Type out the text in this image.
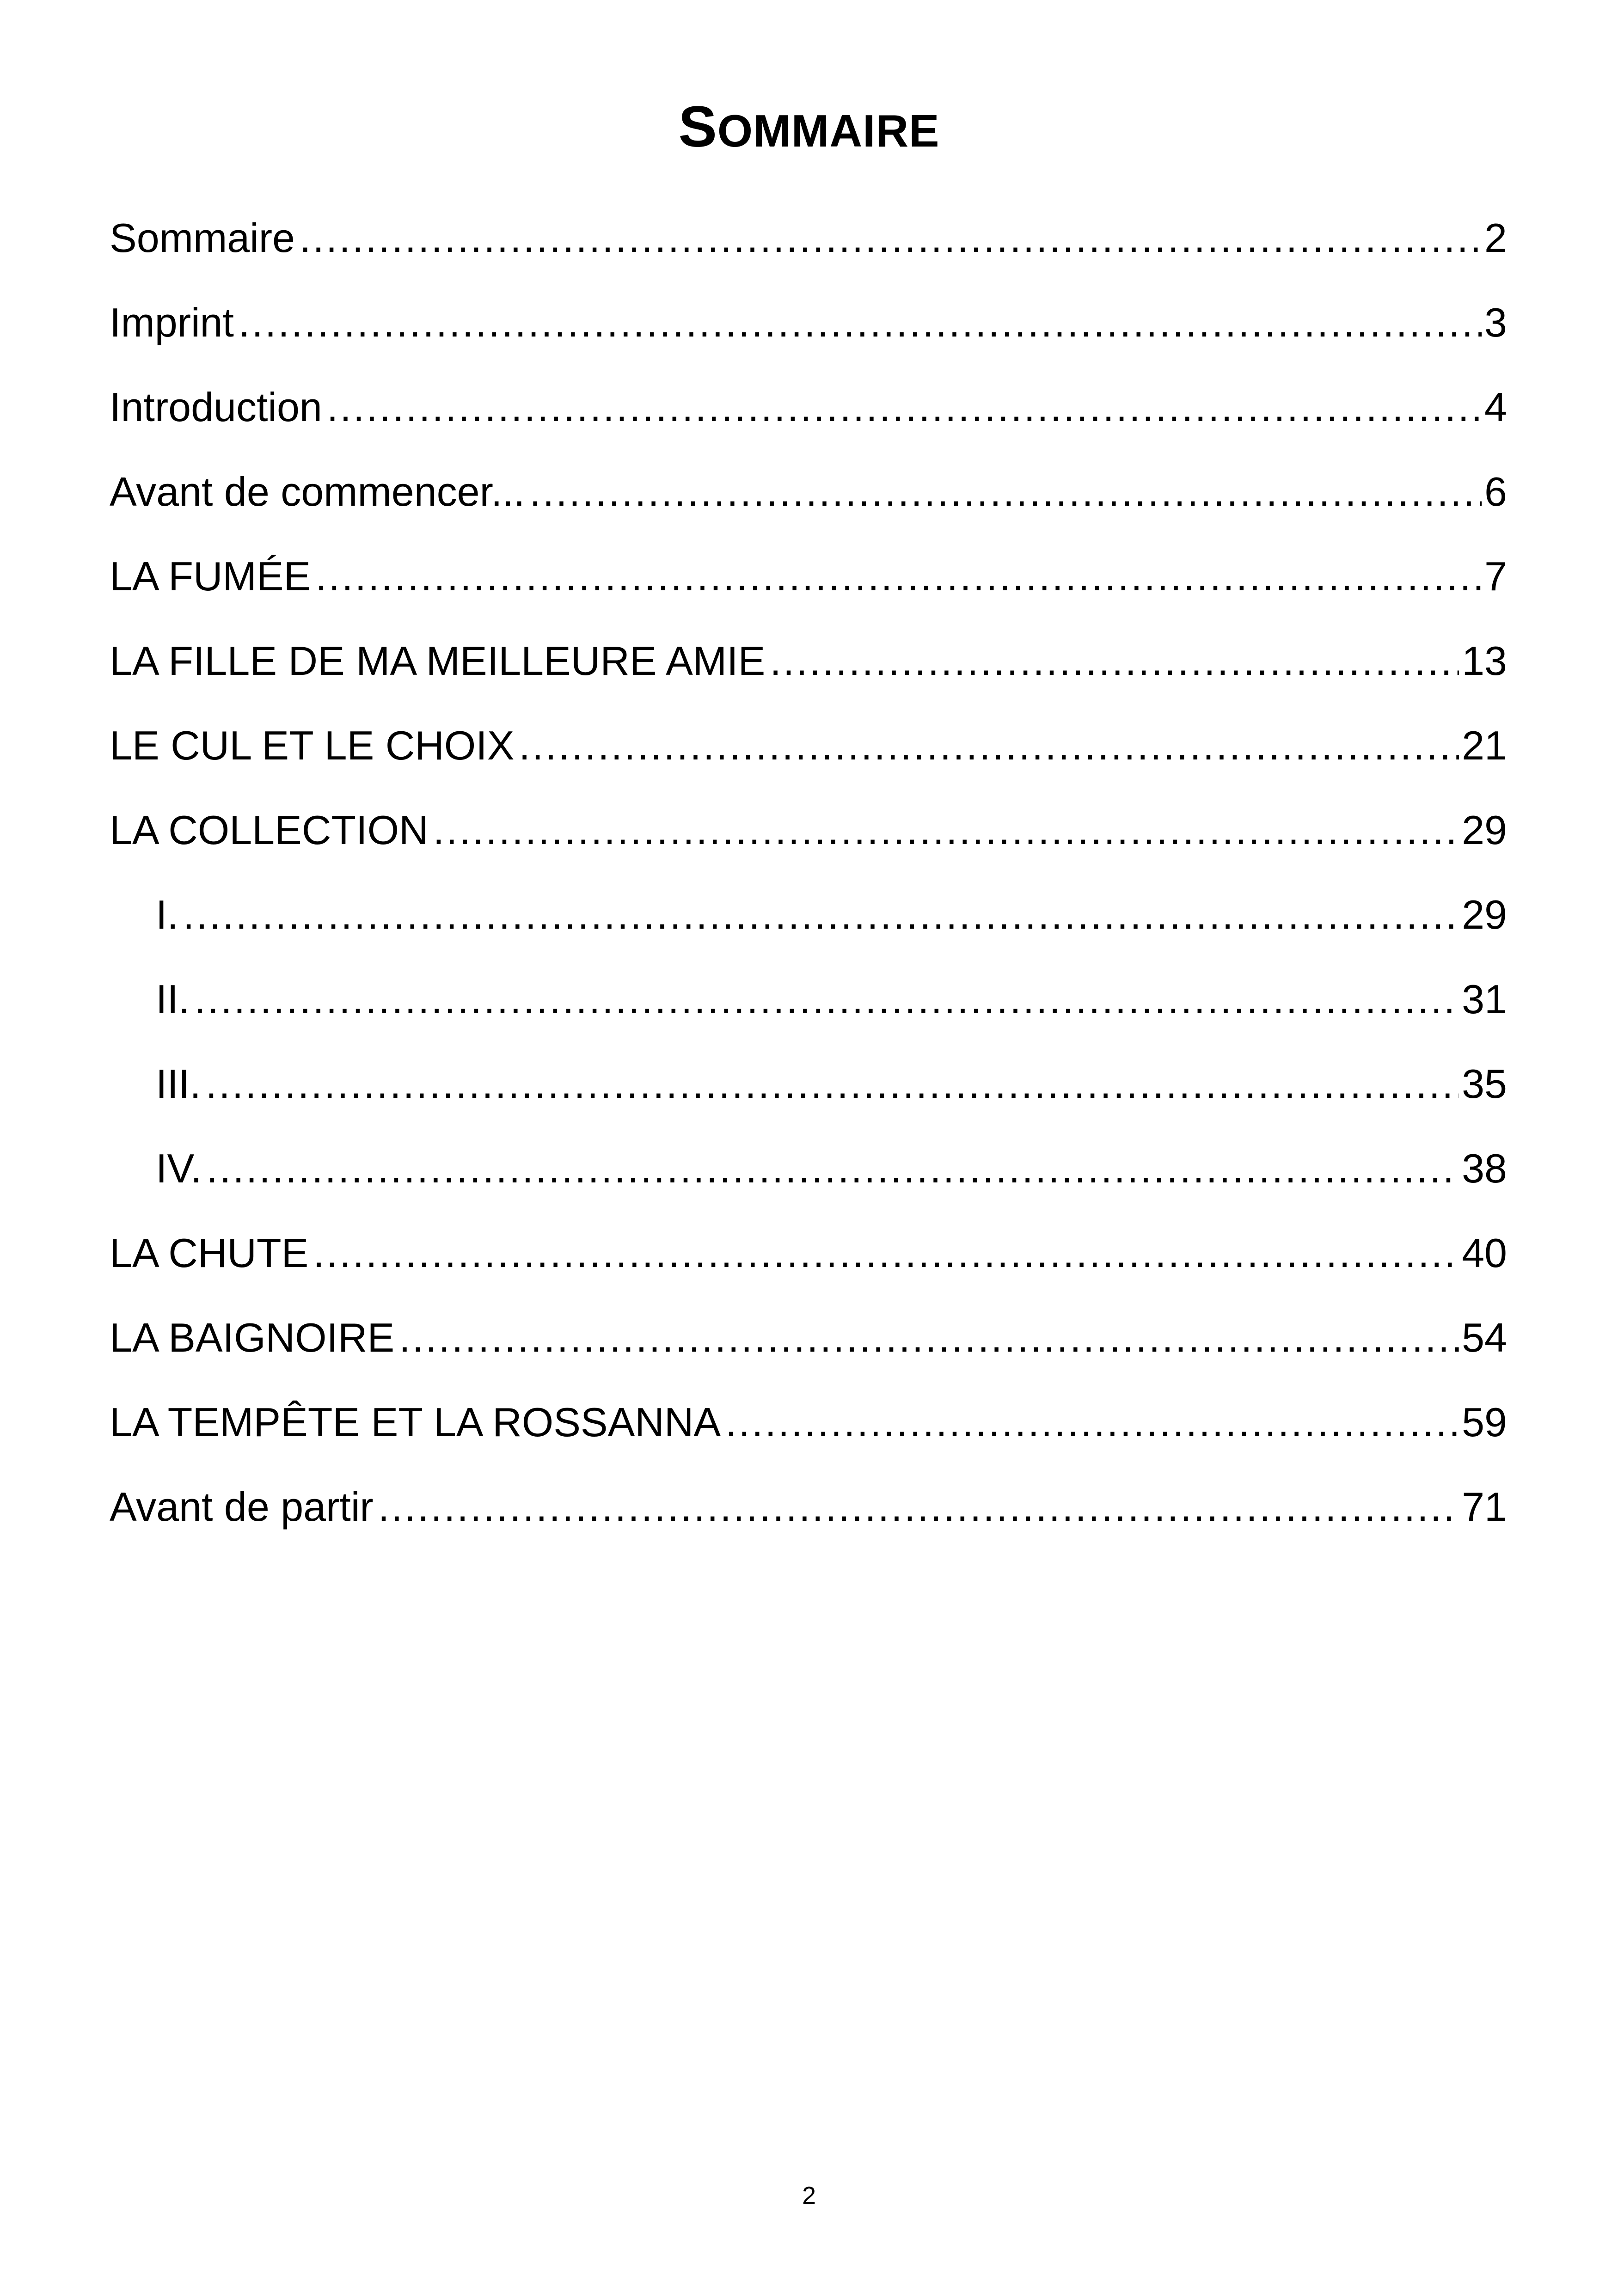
SOMMAIRE
Sommaire .....	2
Imprint .....	3
Introduction .....	4
Avant de commencer... .....	6
LA FUMÉE .....	7
LA FILLE DE MA MEILLEURE AMIE .....	13
LE CUL ET LE CHOIX .....	21
LA COLLECTION .....	29
I. .....	29
II. .....	31
III. .....	35
IV. .....	38
LA CHUTE .....	40
LA BAIGNOIRE .....	54
LA TEMPÊTE ET LA ROSSANNA .....	59
Avant de partir .....	71
2
